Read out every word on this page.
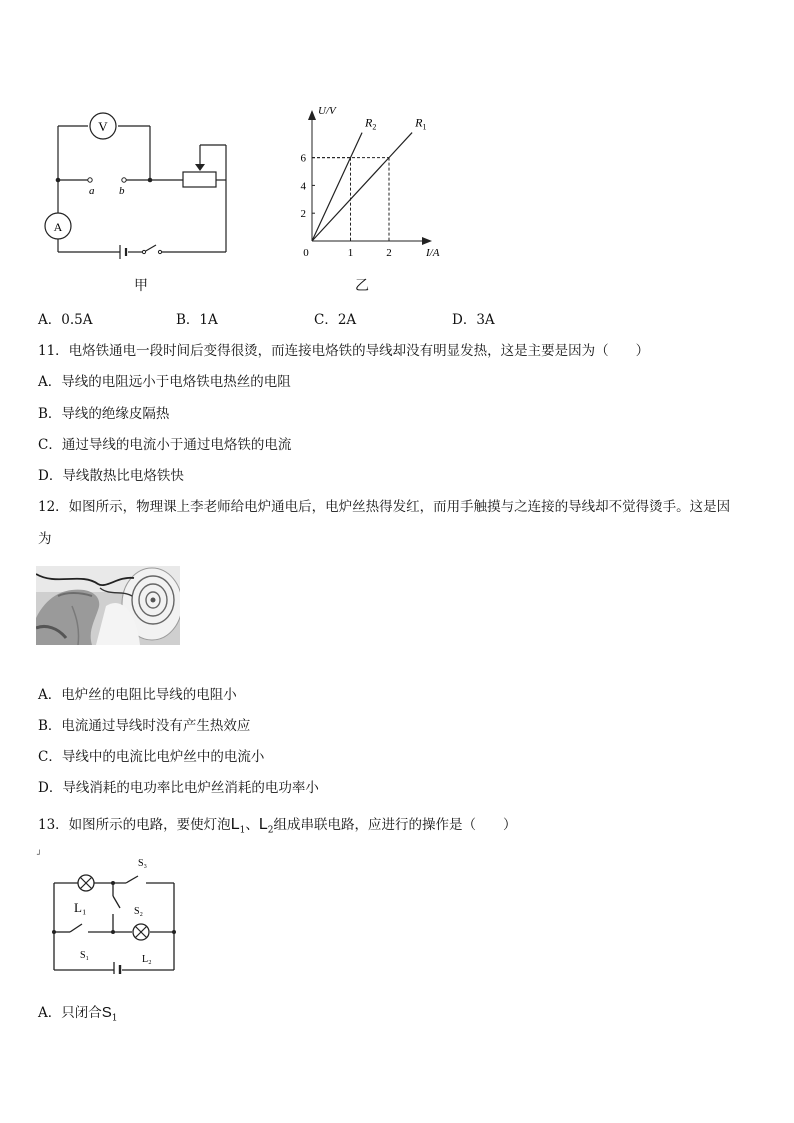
V
A
a b
甲
U/V
I/A
$R_2$	$R_1$
2
4
6
0	1	2
乙
A．0.5A	B．1A	C．2A	D．3A
11．电烙铁通电一段时间后变得很烫，而连接电烙铁的导线却没有明显发热，这是主要是因为（　　）
A．导线的电阻远小于电烙铁电热丝的电阻
B．导线的绝缘皮隔热
C．通过导线的电流小于通过电烙铁的电流
D．导线散热比电烙铁快
12．如图所示，物理课上李老师给电炉通电后，电炉丝热得发红，而用手触摸与之连接的导线却不觉得烫手。这是因
为
A．电炉丝的电阻比导线的电阻小
B．电流通过导线时没有产生热效应
C．导线中的电流比电炉丝中的电流小
D．导线消耗的电功率比电炉丝消耗的电功率小
13．如图所示的电路，要使灯泡$L_1$、$L_2$组成串联电路，应进行的操作是（　　）
┘
S₃
L₁	S₂
S₁	L₂
A．只闭合$S_1$
